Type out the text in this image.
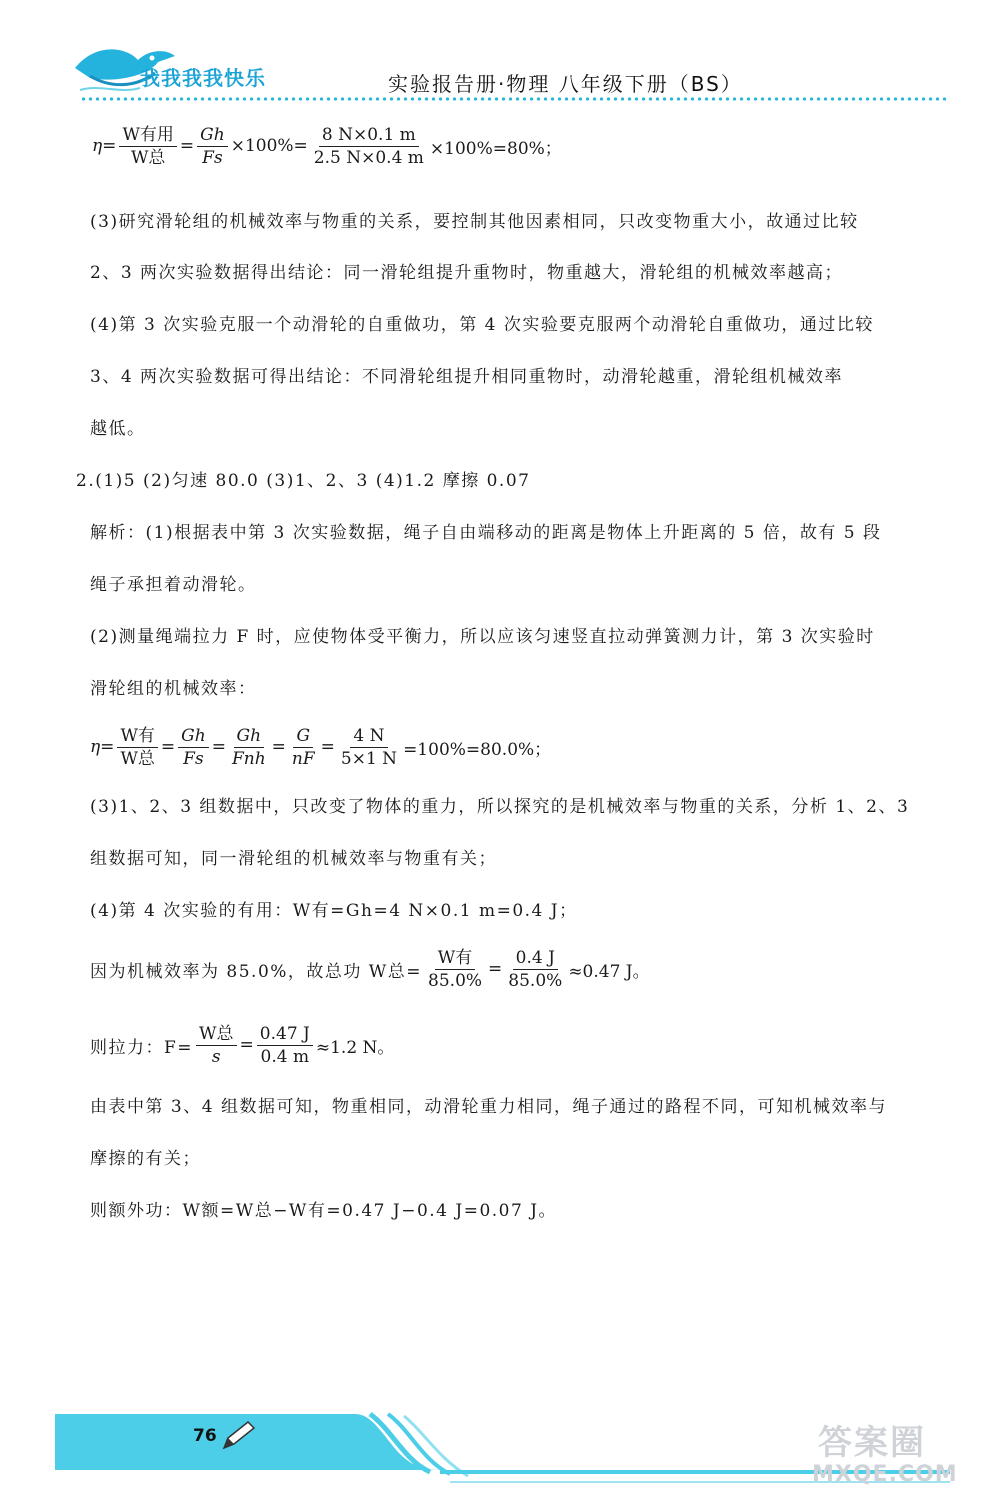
我我我我快乐	实验报告册·物理 八年级下册（BS）
$\eta= \frac{\text{W有用}}{\text{W总}} = \frac{Gh}{Fs} \times 100\%= \frac{8 N\times 0.1 m}{2.5 N\times 0.4 m} \times 100\%=80\%$；

(3)研究滑轮组的机械效率与物重的关系，要控制其他因素相同，只改变物重大小，故通过比较

2、3 两次实验数据得出结论：同一滑轮组提升重物时，物重越大，滑轮组的机械效率越高；

(4)第 3 次实验克服一个动滑轮的自重做功，第 4 次实验要克服两个动滑轮自重做功，通过比较

3、4 两次实验数据可得出结论：不同滑轮组提升相同重物时，动滑轮越重，滑轮组机械效率

越低。

2.(1)5 (2)匀速 80.0 (3)1、2、3 (4)1.2 摩擦 0.07

解析：(1)根据表中第 3 次实验数据，绳子自由端移动的距离是物体上升距离的 5 倍，故有 5 段

绳子承担着动滑轮。

(2)测量绳端拉力 F 时，应使物体受平衡力，所以应该匀速竖直拉动弹簧测力计，第 3 次实验时

滑轮组的机械效率：

$\eta= \frac{\text{W有}}{\text{W总}} = \frac{Gh}{Fs} = \frac{Gh}{\text{Fnh}} = \frac{G}{nF} = \frac{4 N}{5\times 1 N} =100\%=80.0\%$；

(3)1、2、3 组数据中，只改变了物体的重力，所以探究的是机械效率与物重的关系，分析 1、2、3

组数据可知，同一滑轮组的机械效率与物重有关；

(4)第 4 次实验的有用：W有=Gh=4 N×0.1 m=0.4 J；

因为机械效率为 85.0%，故总功 W总= $\frac{\text{W有}}{85.0\%} = \frac{0.4 J}{85.0\%} \approx 0.47$ J。
则拉力：$F= \frac{\text{W总}}{s} = \frac{0.47 J}{0.4 m} \approx 1.2$ N。

由表中第 3、4 组数据可知，物重相同，动滑轮重力相同，绳子通过的路程不同，可知机械效率与

摩擦的有关；

则额外功：W额=W总−W有=0.47 J−0.4 J=0.07 J。

76	答案圈
MXQE.COM
